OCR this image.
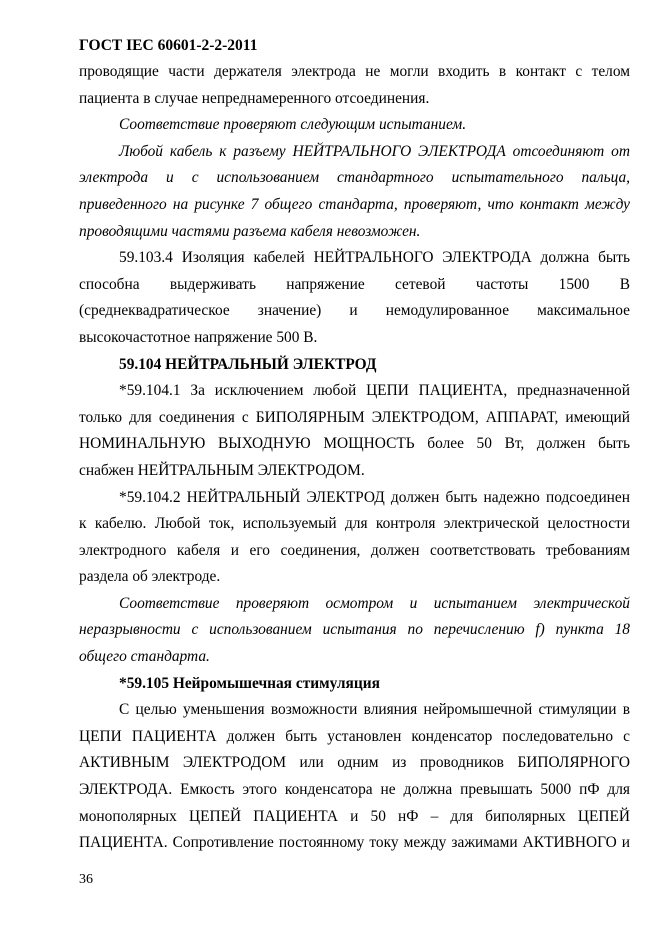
ГОСТ IEC 60601-2-2-2011
проводящие части держателя электрода не могли входить в контакт с телом
пациента в случае непреднамеренного отсоединения.
Соответствие проверяют следующим испытанием.
Любой кабель к разъему НЕЙТРАЛЬНОГО ЭЛЕКТРОДА отсоединяют от
электрода и с использованием стандартного испытательного пальца,
приведенного на рисунке 7 общего стандарта, проверяют, что контакт между
проводящими частями разъема кабеля невозможен.
59.103.4 Изоляция кабелей НЕЙТРАЛЬНОГО ЭЛЕКТРОДА должна быть
способна выдерживать напряжение сетевой частоты 1500 В
(среднеквадратическое значение) и немодулированное максимальное
высокочастотное напряжение 500 В.
59.104 НЕЙТРАЛЬНЫЙ ЭЛЕКТРОД
*59.104.1 За исключением любой ЦЕПИ ПАЦИЕНТА, предназначенной
только для соединения с БИПОЛЯРНЫМ ЭЛЕКТРОДОМ, АППАРАТ, имеющий
НОМИНАЛЬНУЮ ВЫХОДНУЮ МОЩНОСТЬ более 50 Вт, должен быть
снабжен НЕЙТРАЛЬНЫМ ЭЛЕКТРОДОМ.
*59.104.2 НЕЙТРАЛЬНЫЙ ЭЛЕКТРОД должен быть надежно подсоединен
к кабелю. Любой ток, используемый для контроля электрической целостности
электродного кабеля и его соединения, должен соответствовать требованиям
раздела об электроде.
Соответствие проверяют осмотром и испытанием электрической
неразрывности с использованием испытания по перечислению f) пункта 18
общего стандарта.
*59.105 Нейромышечная стимуляция
С целью уменьшения возможности влияния нейромышечной стимуляции в
ЦЕПИ ПАЦИЕНТА должен быть установлен конденсатор последовательно с
АКТИВНЫМ ЭЛЕКТРОДОМ или одним из проводников БИПОЛЯРНОГО
ЭЛЕКТРОДА. Емкость этого конденсатора не должна превышать 5000 пФ для
монополярных ЦЕПЕЙ ПАЦИЕНТА и 50 нФ – для биполярных ЦЕПЕЙ
ПАЦИЕНТА. Сопротивление постоянному току между зажимами АКТИВНОГО и
36
